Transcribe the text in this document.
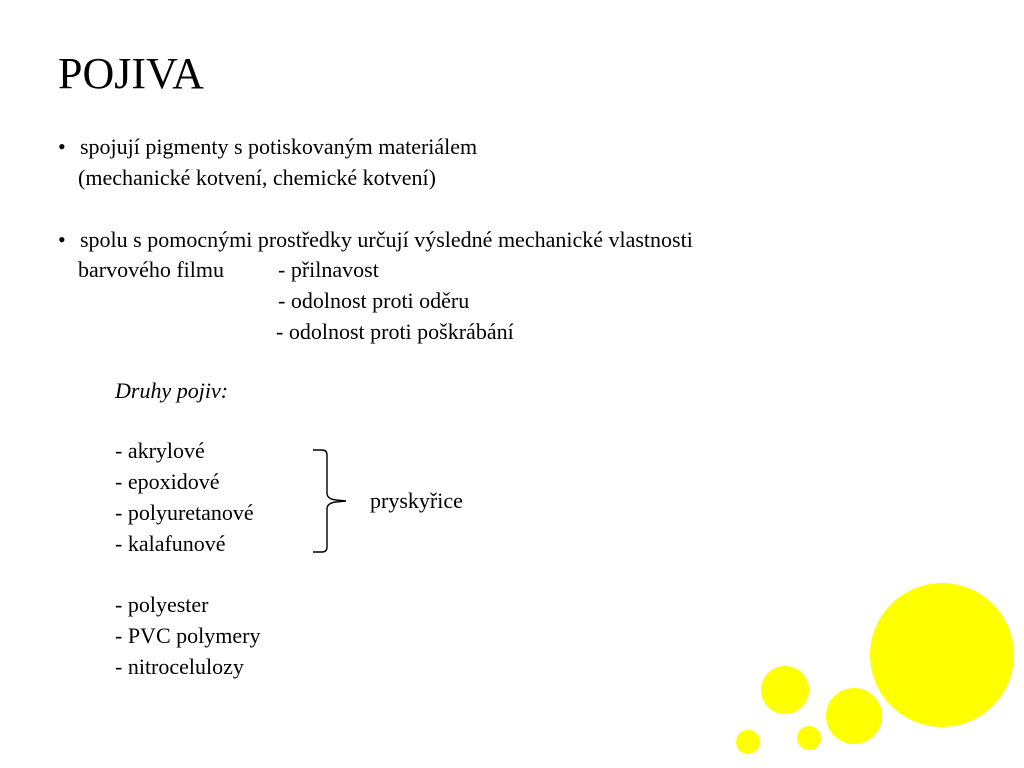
POJIVA
• spojují pigmenty s potiskovaným materiálem
(mechanické kotvení, chemické kotvení)
• spolu s pomocnými prostředky určují výsledné mechanické vlastnosti
barvového filmu - přilnavost
- odolnost proti oděru
- odolnost proti poškrábání
Druhy pojiv:
- akrylové
- epoxidové
- polyuretanové
- kalafunové
pryskyřice
- polyester
- PVC polymery
- nitrocelulozy
